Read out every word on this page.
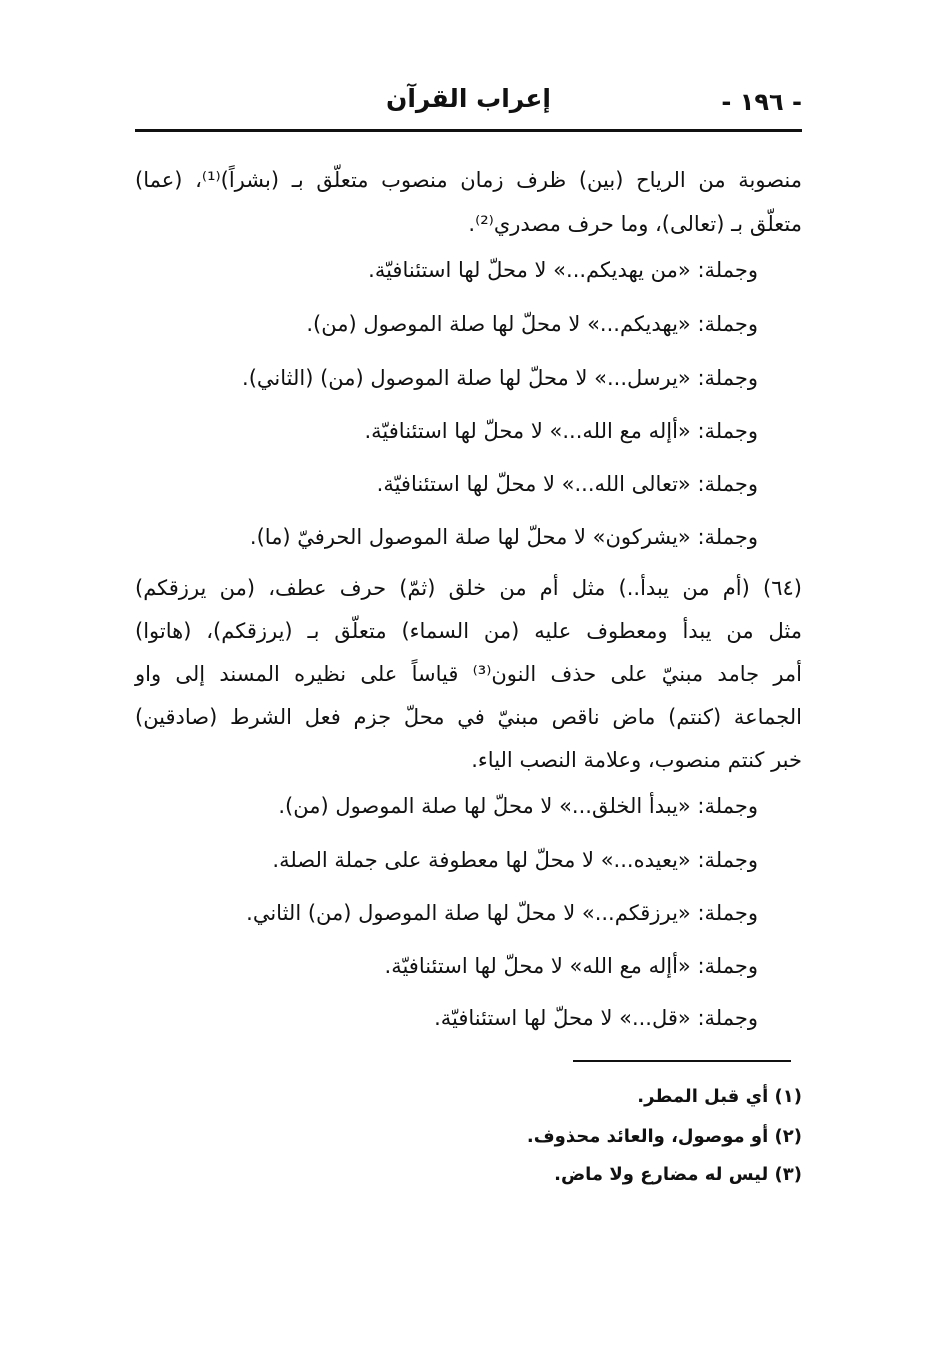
إعراب القرآن	- ١٩٦ -

منصوبة من الرياح (بين) ظرف زمان منصوب متعلّق بـ (بشراً)⁽¹⁾، (عما)

متعلّق بـ (تعالى)، وما حرف مصدري⁽²⁾.

وجملة: «من يهديكم...» لا محلّ لها استئنافيّة.
وجملة: «يهديكم...» لا محلّ لها صلة الموصول (من).
وجملة: «يرسل...» لا محلّ لها صلة الموصول (من) (الثاني).
وجملة: «أإله مع الله...» لا محلّ لها استئنافيّة.
وجملة: «تعالى الله...» لا محلّ لها استئنافيّة.
وجملة: «يشركون» لا محلّ لها صلة الموصول الحرفيّ (ما).

(٦٤) (أم من يبدأ..) مثل أم من خلق (ثمّ) حرف عطف، (من يرزقكم)

مثل من يبدأ ومعطوف عليه (من السماء) متعلّق بـ (يرزقكم)، (هاتوا)

أمر جامد مبنيّ على حذف النون⁽³⁾ قياساً على نظيره المسند إلى واو

الجماعة (كنتم) ماض ناقص مبنيّ في محلّ جزم فعل الشرط (صادقين)

خبر كنتم منصوب، وعلامة النصب الياء.

وجملة: «يبدأ الخلق...» لا محلّ لها صلة الموصول (من).
وجملة: «يعيده...» لا محلّ لها معطوفة على جملة الصلة.
وجملة: «يرزقكم...» لا محلّ لها صلة الموصول (من) الثاني.
وجملة: «أإله مع الله» لا محلّ لها استئنافيّة.
وجملة: «قل...» لا محلّ لها استئنافيّة.
(١) أي قبل المطر.
(٢) أو موصول، والعائد محذوف.
(٣) ليس له مضارع ولا ماض.
